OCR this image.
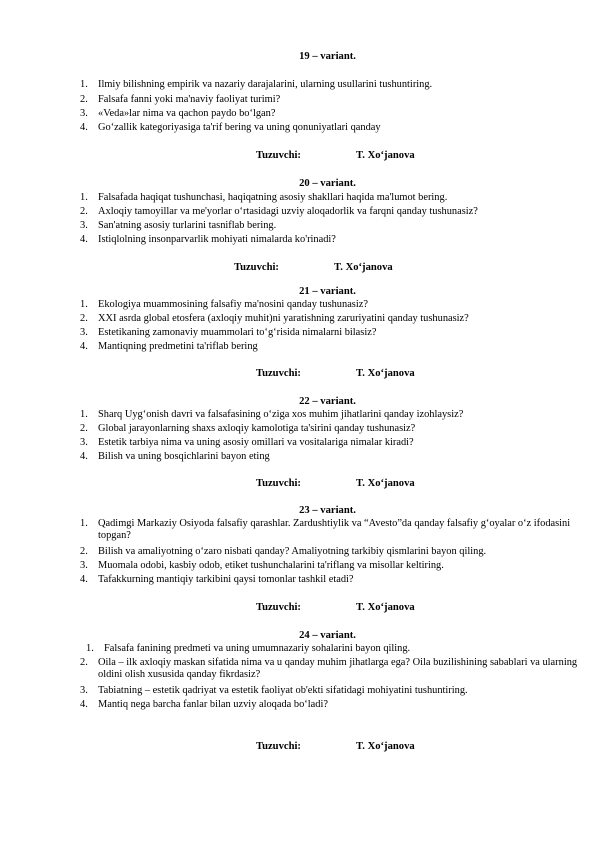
19 – variant.
1. Ilmiy bilishning empirik va nazariy darajalarini, ularning usullarini tushuntiring.
2. Falsafa fanni yoki ma'naviy faoliyat turimi?
3. «Veda»lar nima va qachon paydo bo‘lgan?
4. Go‘zallik kategoriyasiga ta'rif bering va uning qonuniyatlari qanday
Tuzuvchi:	T. Xo‘janova
20 – variant.
1. Falsafada haqiqat tushunchasi, haqiqatning asosiy shakllari haqida ma'lumot bering.
2. Axloqiy tamoyillar va me'yorlar o‘rtasidagi uzviy aloqadorlik va farqni qanday tushunasiz?
3. San'atning asosiy turlarini tasniflab bering.
4. Istiqlolning insonparvarlik mohiyati nimalarda ko'rinadi?
Tuzuvchi:	T. Xo‘janova
21 – variant.
1. Ekologiya muammosining falsafiy ma'nosini qanday tushunasiz?
2. XXI asrda global etosfera (axloqiy muhit)ni yaratishning zaruriyatini qanday tushunasiz?
3. Estetikaning zamonaviy muammolari to‘g‘risida nimalarni bilasiz?
4. Mantiqning predmetini ta'riflab bering
Tuzuvchi:	T. Xo‘janova
22 – variant.
1. Sharq Uyg‘onish davri va falsafasining o‘ziga xos muhim jihatlarini qanday izohlaysiz?
2. Global jarayonlarning shaxs axloqiy kamolotiga ta'sirini qanday tushunasiz?
3. Estetik tarbiya nima va uning asosiy omillari va vositalariga nimalar kiradi?
4. Bilish va uning bosqichlarini bayon eting
Tuzuvchi:	T. Xo‘janova
23 – variant.
1. Qadimgi Markaziy Osiyoda falsafiy qarashlar. Zardushtiylik va “Avesto”da qanday falsafiy g‘oyalar o‘z ifodasini topgan?
2. Bilish va amaliyotning o‘zaro nisbati qanday? Amaliyotning tarkibiy qismlarini bayon qiling.
3. Muomala odobi, kasbiy odob, etiket tushunchalarini ta'riflang va misollar keltiring.
4. Tafakkurning mantiqiy tarkibini qaysi tomonlar tashkil etadi?
Tuzuvchi:	T. Xo‘janova
24 – variant.
1. Falsafa fanining predmeti va uning umumnazariy sohalarini bayon qiling.
2. Oila – ilk axloqiy maskan sifatida nima va u qanday muhim jihatlarga ega? Oila buzilishining sabablari va ularning oldini olish xususida qanday fikrdasiz?
3. Tabiatning – estetik qadriyat va estetik faoliyat ob'ekti sifatidagi mohiyatini tushuntiring.
4. Mantiq nega barcha fanlar bilan uzviy aloqada bo‘ladi?
Tuzuvchi:	T. Xo‘janova
